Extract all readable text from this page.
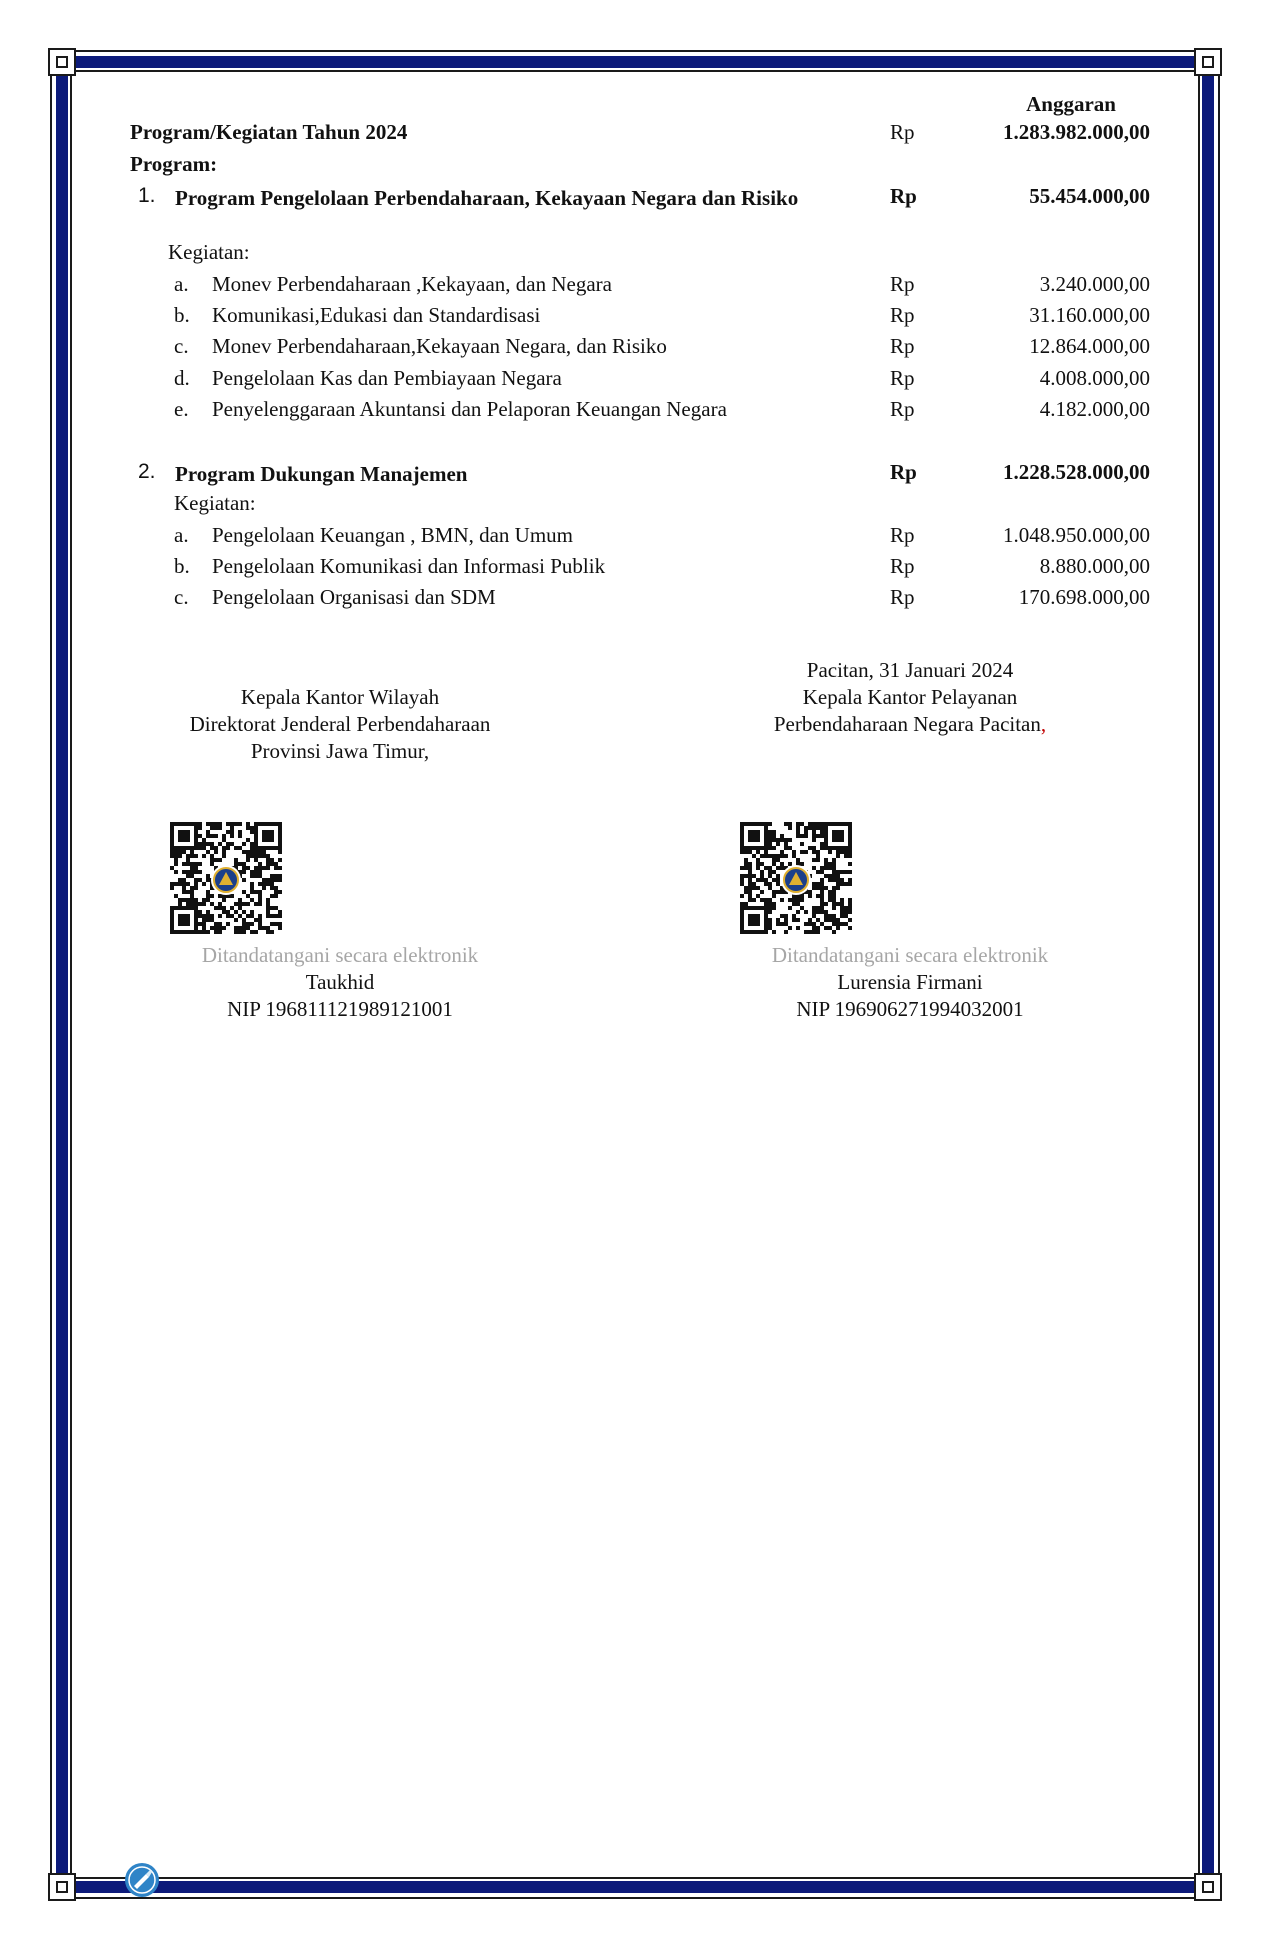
Anggaran
Program/Kegiatan Tahun 2024	Rp	1.283.982.000,00
Program:
1. Program Pengelolaan Perbendaharaan, Kekayaan Negara dan Risiko	Rp	55.454.000,00
Kegiatan:
a. Monev Perbendaharaan ,Kekayaan, dan Negara	Rp	3.240.000,00
b. Komunikasi,Edukasi dan Standardisasi	Rp	31.160.000,00
c. Monev Perbendaharaan,Kekayaan Negara, dan Risiko	Rp	12.864.000,00
d. Pengelolaan Kas dan Pembiayaan Negara	Rp	4.008.000,00
e. Penyelenggaraan Akuntansi dan Pelaporan Keuangan Negara	Rp	4.182.000,00
2. Program Dukungan Manajemen	Rp	1.228.528.000,00
Kegiatan:
a. Pengelolaan Keuangan , BMN, dan Umum	Rp	1.048.950.000,00
b. Pengelolaan Komunikasi dan Informasi Publik	Rp	8.880.000,00
c. Pengelolaan Organisasi dan SDM	Rp	170.698.000,00
Kepala Kantor Wilayah
Direktorat Jenderal Perbendaharaan
Provinsi Jawa Timur,
Ditandatangani secara elektronik
Taukhid
NIP 196811121989121001
Pacitan, 31 Januari 2024
Kepala Kantor Pelayanan
Perbendaharaan Negara Pacitan,
Ditandatangani secara elektronik
Lurensia Firmani
NIP 196906271994032001
